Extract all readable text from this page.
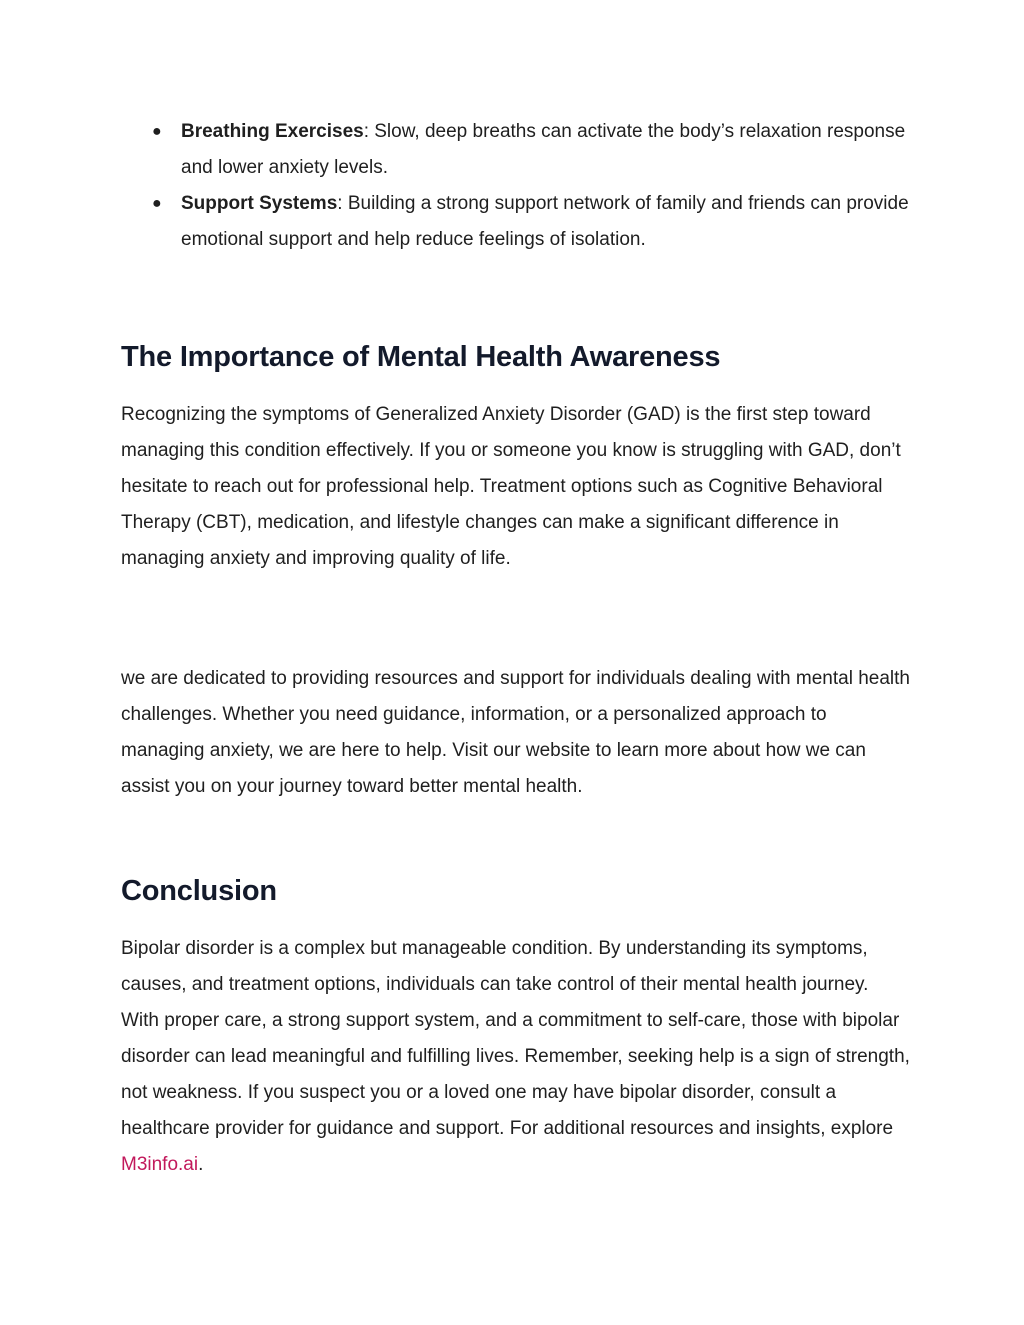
● Breathing Exercises: Slow, deep breaths can activate the body’s relaxation response and lower anxiety levels.
● Support Systems: Building a strong support network of family and friends can provide emotional support and help reduce feelings of isolation.
The Importance of Mental Health Awareness

Recognizing the symptoms of Generalized Anxiety Disorder (GAD) is the first step toward managing this condition effectively. If you or someone you know is struggling with GAD, don’t hesitate to reach out for professional help. Treatment options such as Cognitive Behavioral Therapy (CBT), medication, and lifestyle changes can make a significant difference in managing anxiety and improving quality of life.

we are dedicated to providing resources and support for individuals dealing with mental health challenges. Whether you need guidance, information, or a personalized approach to managing anxiety, we are here to help. Visit our website to learn more about how we can assist you on your journey toward better mental health.

Conclusion

Bipolar disorder is a complex but manageable condition. By understanding its symptoms, causes, and treatment options, individuals can take control of their mental health journey. With proper care, a strong support system, and a commitment to self-care, those with bipolar disorder can lead meaningful and fulfilling lives. Remember, seeking help is a sign of strength, not weakness. If you suspect you or a loved one may have bipolar disorder, consult a healthcare provider for guidance and support. For additional resources and insights, explore M3info.ai.
